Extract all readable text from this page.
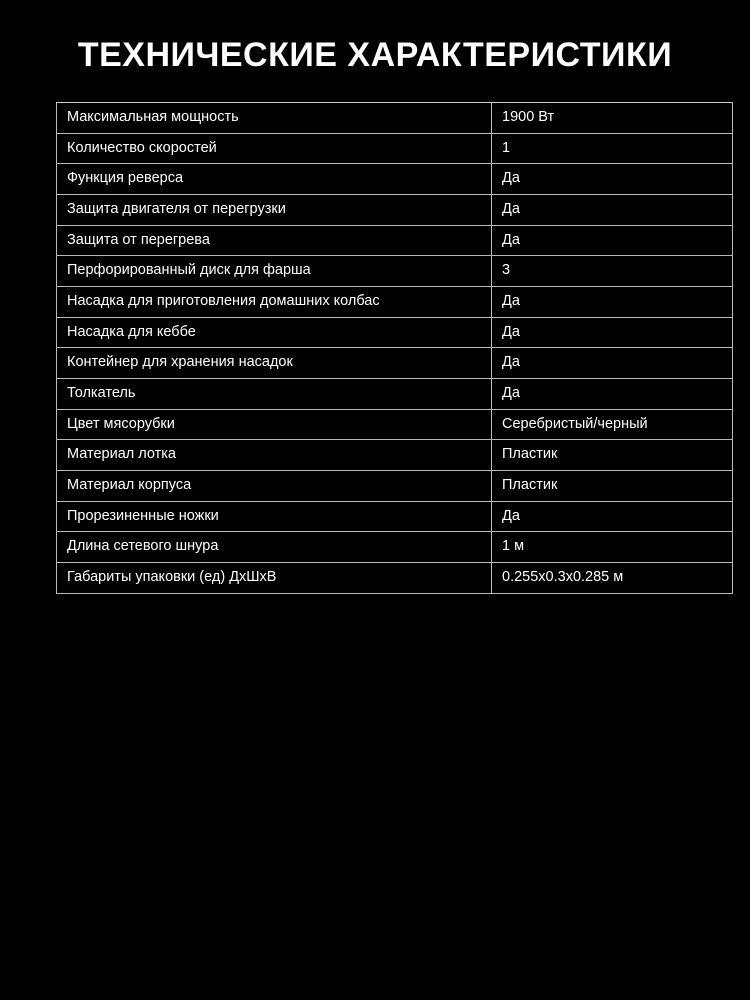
ТЕХНИЧЕСКИЕ ХАРАКТЕРИСТИКИ
Максимальная мощность	1900 Вт
Количество скоростей	1
Функция реверса	Да
Защита двигателя от перегрузки	Да
Защита от перегрева	Да
Перфорированный диск для фарша	3
Насадка для приготовления домашних колбас	Да
Насадка для кеббе	Да
Контейнер для хранения насадок	Да
Толкатель	Да
Цвет мясорубки	Серебристый/черный
Материал лотка	Пластик
Материал корпуса	Пластик
Прорезиненные ножки	Да
Длина сетевого шнура	1 м
Габариты упаковки (ед) ДхШхВ	0.255х0.3х0.285 м
